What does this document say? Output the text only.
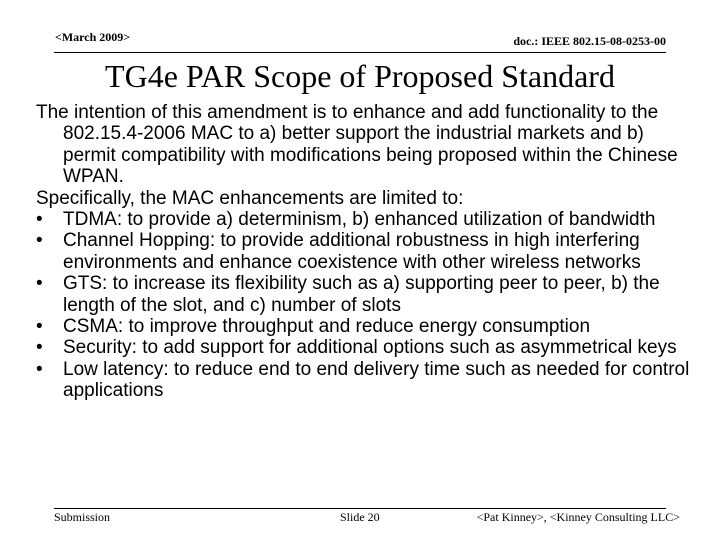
<March 2009>	doc.: IEEE 802.15-08-0253-00
TG4e PAR Scope of Proposed Standard
The intention of this amendment is to enhance and add functionality to the 802.15.4-2006 MAC to a) better support the industrial markets and b) permit compatibility with modifications being proposed within the Chinese WPAN.
Specifically, the MAC enhancements are limited to:
•	TDMA: to provide a) determinism, b) enhanced utilization of bandwidth
•	Channel Hopping: to provide additional robustness in high interfering environments and enhance coexistence with other wireless networks
•	GTS: to increase its flexibility such as a) supporting peer to peer, b) the length of the slot, and c) number of slots
•	CSMA: to improve throughput and reduce energy consumption
•	Security: to add support for additional options such as asymmetrical keys
•	Low latency: to reduce end to end delivery time such as needed for control applications
Submission	Slide 20	<Pat Kinney>, <Kinney Consulting LLC>
